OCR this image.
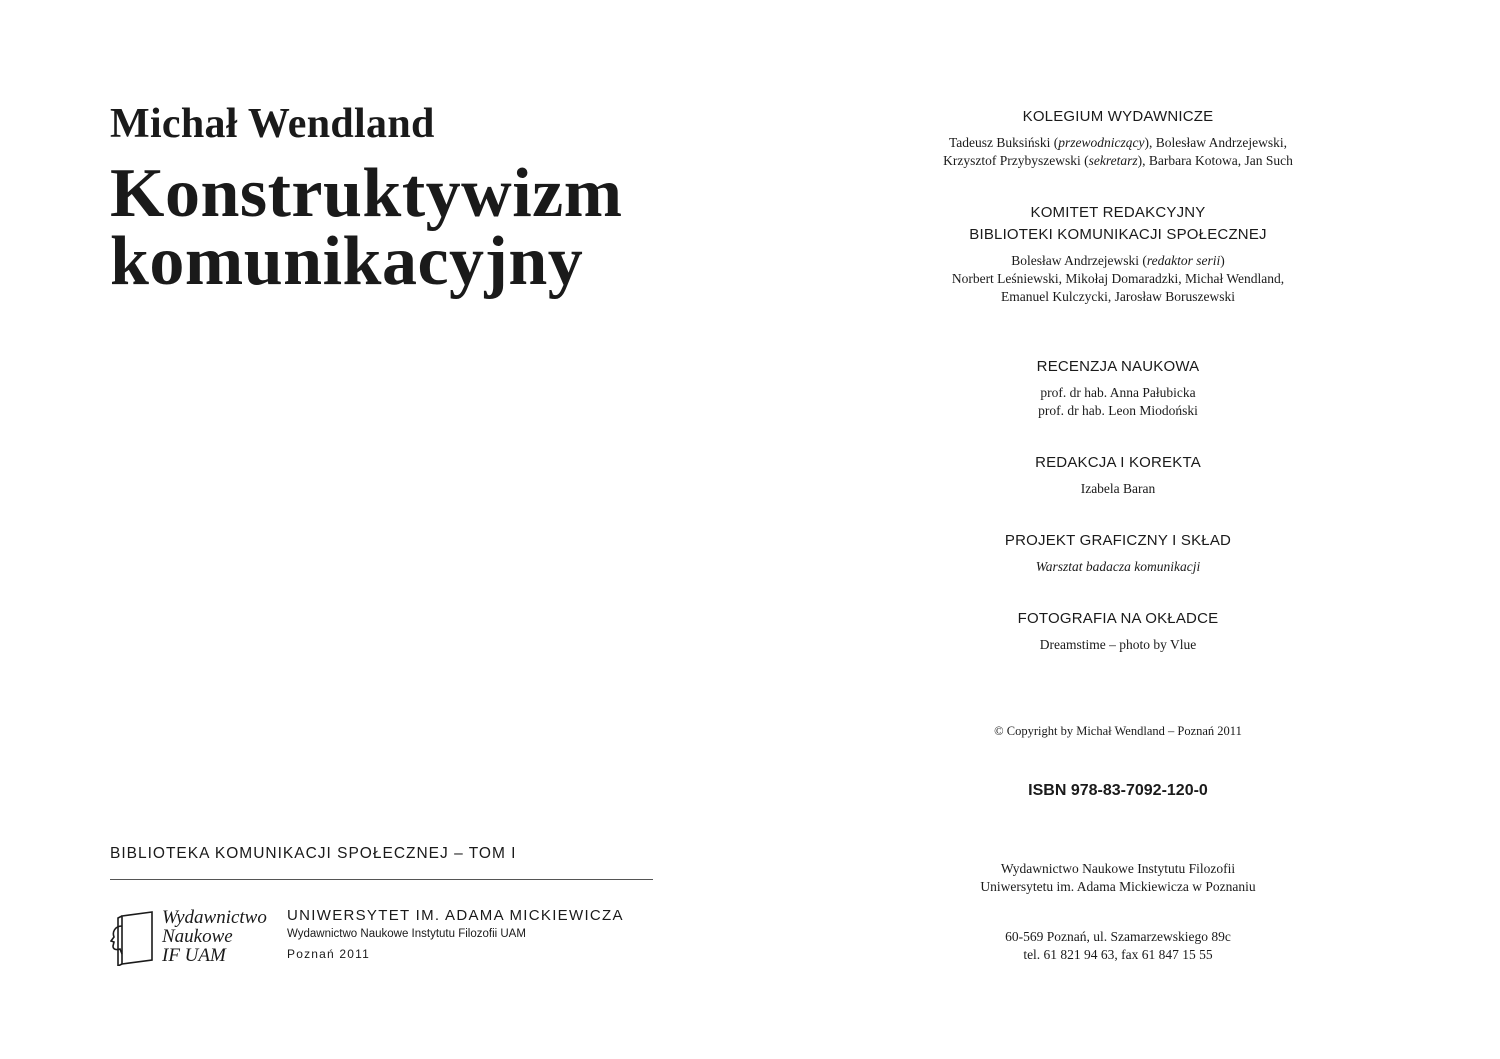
Michał Wendland
Konstruktywizm
komunikacyjny
BIBLIOTEKA KOMUNIKACJI SPOŁECZNEJ – TOM I
Wydawnictwo
Naukowe
IF UAM
UNIWERSYTET IM. ADAMA MICKIEWICZA
Wydawnictwo Naukowe Instytutu Filozofii UAM
Poznań 2011
KOLEGIUM WYDAWNICZE
Tadeusz Buksiński (przewodniczący), Bolesław Andrzejewski,
Krzysztof Przybyszewski (sekretarz), Barbara Kotowa, Jan Such
KOMITET REDAKCYJNY
BIBLIOTEKI KOMUNIKACJI SPOŁECZNEJ
Bolesław Andrzejewski (redaktor serii)
Norbert Leśniewski, Mikołaj Domaradzki, Michał Wendland,
Emanuel Kulczycki, Jarosław Boruszewski
RECENZJA NAUKOWA
prof. dr hab. Anna Pałubicka
prof. dr hab. Leon Miodoński
REDAKCJA I KOREKTA
Izabela Baran
PROJEKT GRAFICZNY I SKŁAD
Warsztat badacza komunikacji
FOTOGRAFIA NA OKŁADCE
Dreamstime – photo by Vlue
© Copyright by Michał Wendland – Poznań 2011
ISBN 978-83-7092-120-0
Wydawnictwo Naukowe Instytutu Filozofii
Uniwersytetu im. Adama Mickiewicza w Poznaniu
60-569 Poznań, ul. Szamarzewskiego 89c
tel. 61 821 94 63, fax 61 847 15 55
